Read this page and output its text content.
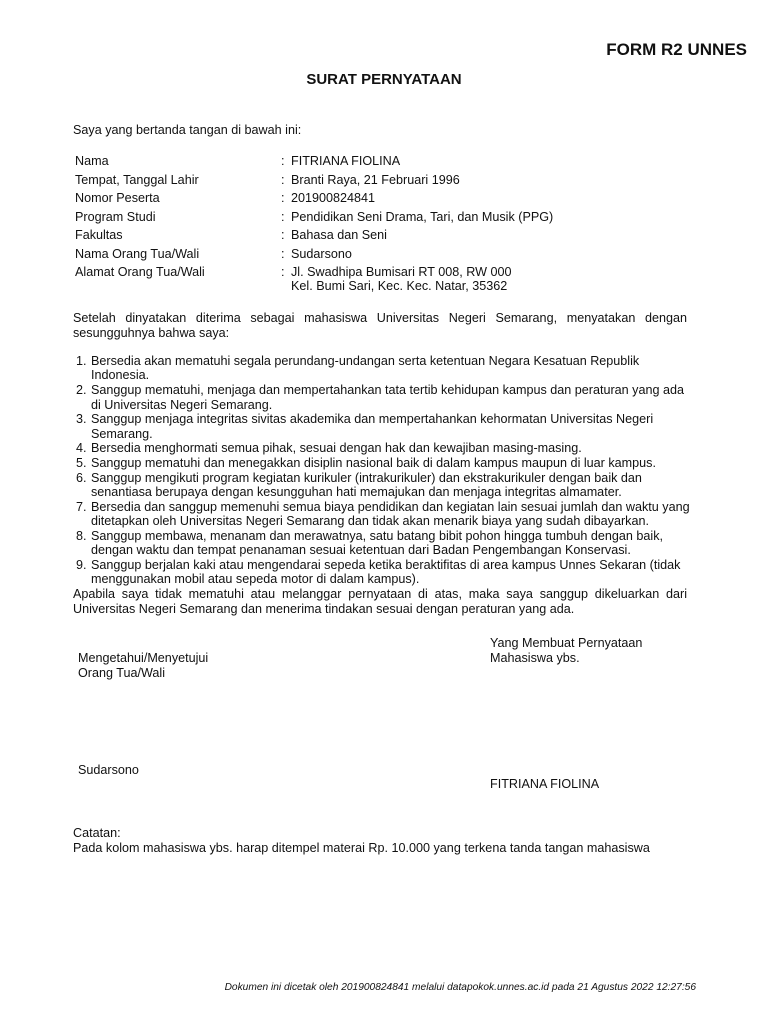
FORM R2 UNNES
SURAT PERNYATAAN
Saya yang bertanda tangan di bawah ini:
Nama	: FITRIANA FIOLINA
Tempat, Tanggal Lahir	: Branti Raya, 21 Februari 1996
Nomor Peserta	: 201900824841
Program Studi	: Pendidikan Seni Drama, Tari, dan Musik (PPG)
Fakultas	: Bahasa dan Seni
Nama Orang Tua/Wali	: Sudarsono
Alamat Orang Tua/Wali	: Jl. Swadhipa Bumisari RT 008, RW 000
Kel. Bumi Sari, Kec. Kec. Natar, 35362
Setelah dinyatakan diterima sebagai mahasiswa Universitas Negeri Semarang, menyatakan dengan sesungguhnya bahwa saya:
1. Bersedia akan mematuhi segala perundang-undangan serta ketentuan Negara Kesatuan Republik Indonesia.
2. Sanggup mematuhi, menjaga dan mempertahankan tata tertib kehidupan kampus dan peraturan yang ada di Universitas Negeri Semarang.
3. Sanggup menjaga integritas sivitas akademika dan mempertahankan kehormatan Universitas Negeri Semarang.
4. Bersedia menghormati semua pihak, sesuai dengan hak dan kewajiban masing-masing.
5. Sanggup mematuhi dan menegakkan disiplin nasional baik di dalam kampus maupun di luar kampus.
6. Sanggup mengikuti program kegiatan kurikuler (intrakurikuler) dan ekstrakurikuler dengan baik dan senantiasa berupaya dengan kesungguhan hati memajukan dan menjaga integritas almamater.
7. Bersedia dan sanggup memenuhi semua biaya pendidikan dan kegiatan lain sesuai jumlah dan waktu yang ditetapkan oleh Universitas Negeri Semarang dan tidak akan menarik biaya yang sudah dibayarkan.
8. Sanggup membawa, menanam dan merawatnya, satu batang bibit pohon hingga tumbuh dengan baik, dengan waktu dan tempat penanaman sesuai ketentuan dari Badan Pengembangan Konservasi.
9. Sanggup berjalan kaki atau mengendarai sepeda ketika beraktifitas di area kampus Unnes Sekaran (tidak menggunakan mobil atau sepeda motor di dalam kampus).
Apabila saya tidak mematuhi atau melanggar pernyataan di atas, maka saya sanggup dikeluarkan dari Universitas Negeri Semarang dan menerima tindakan sesuai dengan peraturan yang ada.
Yang Membuat Pernyataan
Mahasiswa ybs.
Mengetahui/Menyetujui
Orang Tua/Wali
Sudarsono
FITRIANA FIOLINA
Catatan:
Pada kolom mahasiswa ybs. harap ditempel materai Rp. 10.000 yang terkena tanda tangan mahasiswa
Dokumen ini dicetak oleh 201900824841 melalui datapokok.unnes.ac.id pada 21 Agustus 2022 12:27:56
